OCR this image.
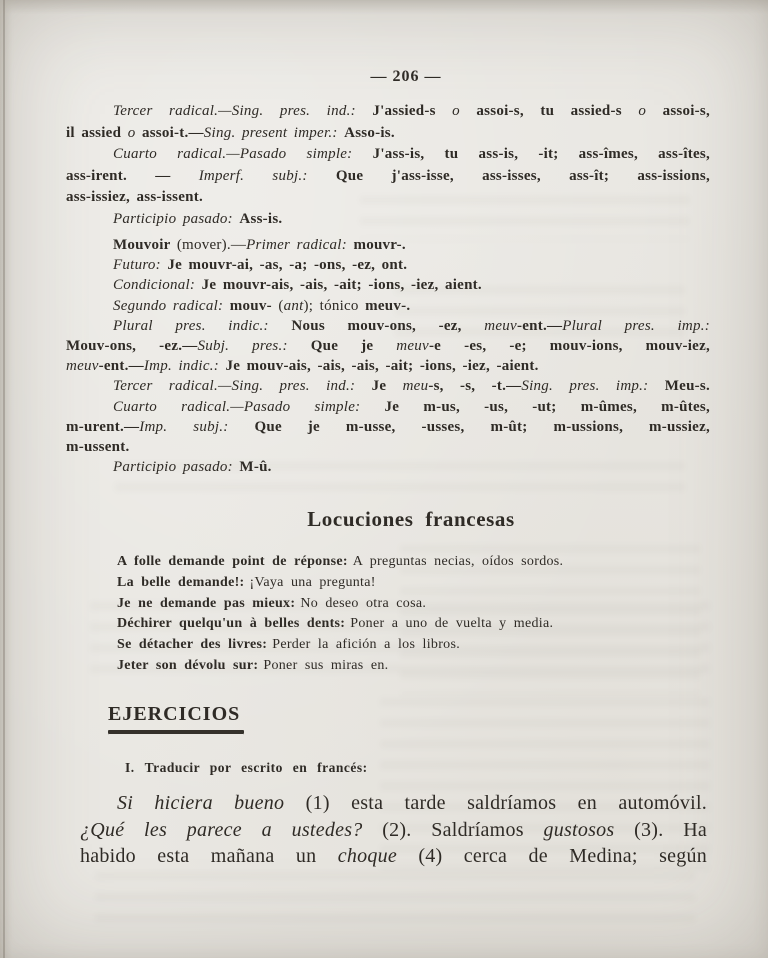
— 206 —
Tercer radical.—Sing. pres. ind.: J'assied-s o assoi-s, tu assied-s o assoi-s,
il assied o assoi-t.—Sing. present imper.: Asso-is.
Cuarto radical.—Pasado simple: J'ass-is, tu ass-is, -it; ass-îmes, ass-îtes,
ass-irent. — Imperf. subj.: Que j'ass-isse, ass-isses, ass-ît; ass-issions,
ass-issiez, ass-issent.
Participio pasado: Ass-is.
Mouvoir (mover).—Primer radical: mouvr-.
Futuro: Je mouvr-ai, -as, -a; -ons, -ez, ont.
Condicional: Je mouvr-ais, -ais, -ait; -ions, -iez, aient.
Segundo radical: mouv- (ant); tónico meuv-.
Plural pres. indic.: Nous mouv-ons, -ez, meuv-ent.—Plural pres. imp.:
Mouv-ons, -ez.—Subj. pres.: Que je meuv-e -es, -e; mouv-ions, mouv-iez,
meuv-ent.—Imp. indic.: Je mouv-ais, -ais, -ais, -ait; -ions, -iez, -aient.
Tercer radical.—Sing. pres. ind.: Je meu-s, -s, -t.—Sing. pres. imp.: Meu-s.
Cuarto radical.—Pasado simple: Je m-us, -us, -ut; m-ûmes, m-ûtes,
m-urent.—Imp. subj.: Que je m-usse, -usses, m-ût; m-ussions, m-ussiez,
m-ussent.
Participio pasado: M-û.
Locuciones francesas
A folle demande point de réponse: A preguntas necias, oídos sordos.
La belle demande!: ¡Vaya una pregunta!
Je ne demande pas mieux: No deseo otra cosa.
Déchirer quelqu'un à belles dents: Poner a uno de vuelta y media.
Se détacher des livres: Perder la afición a los libros.
Jeter son dévolu sur: Poner sus miras en.
EJERCICIOS
I. Traducir por escrito en francés:
Si hiciera bueno (1) esta tarde saldríamos en automóvil.
¿Qué les parece a ustedes? (2). Saldríamos gustosos (3). Ha
habido esta mañana un choque (4) cerca de Medina; según
